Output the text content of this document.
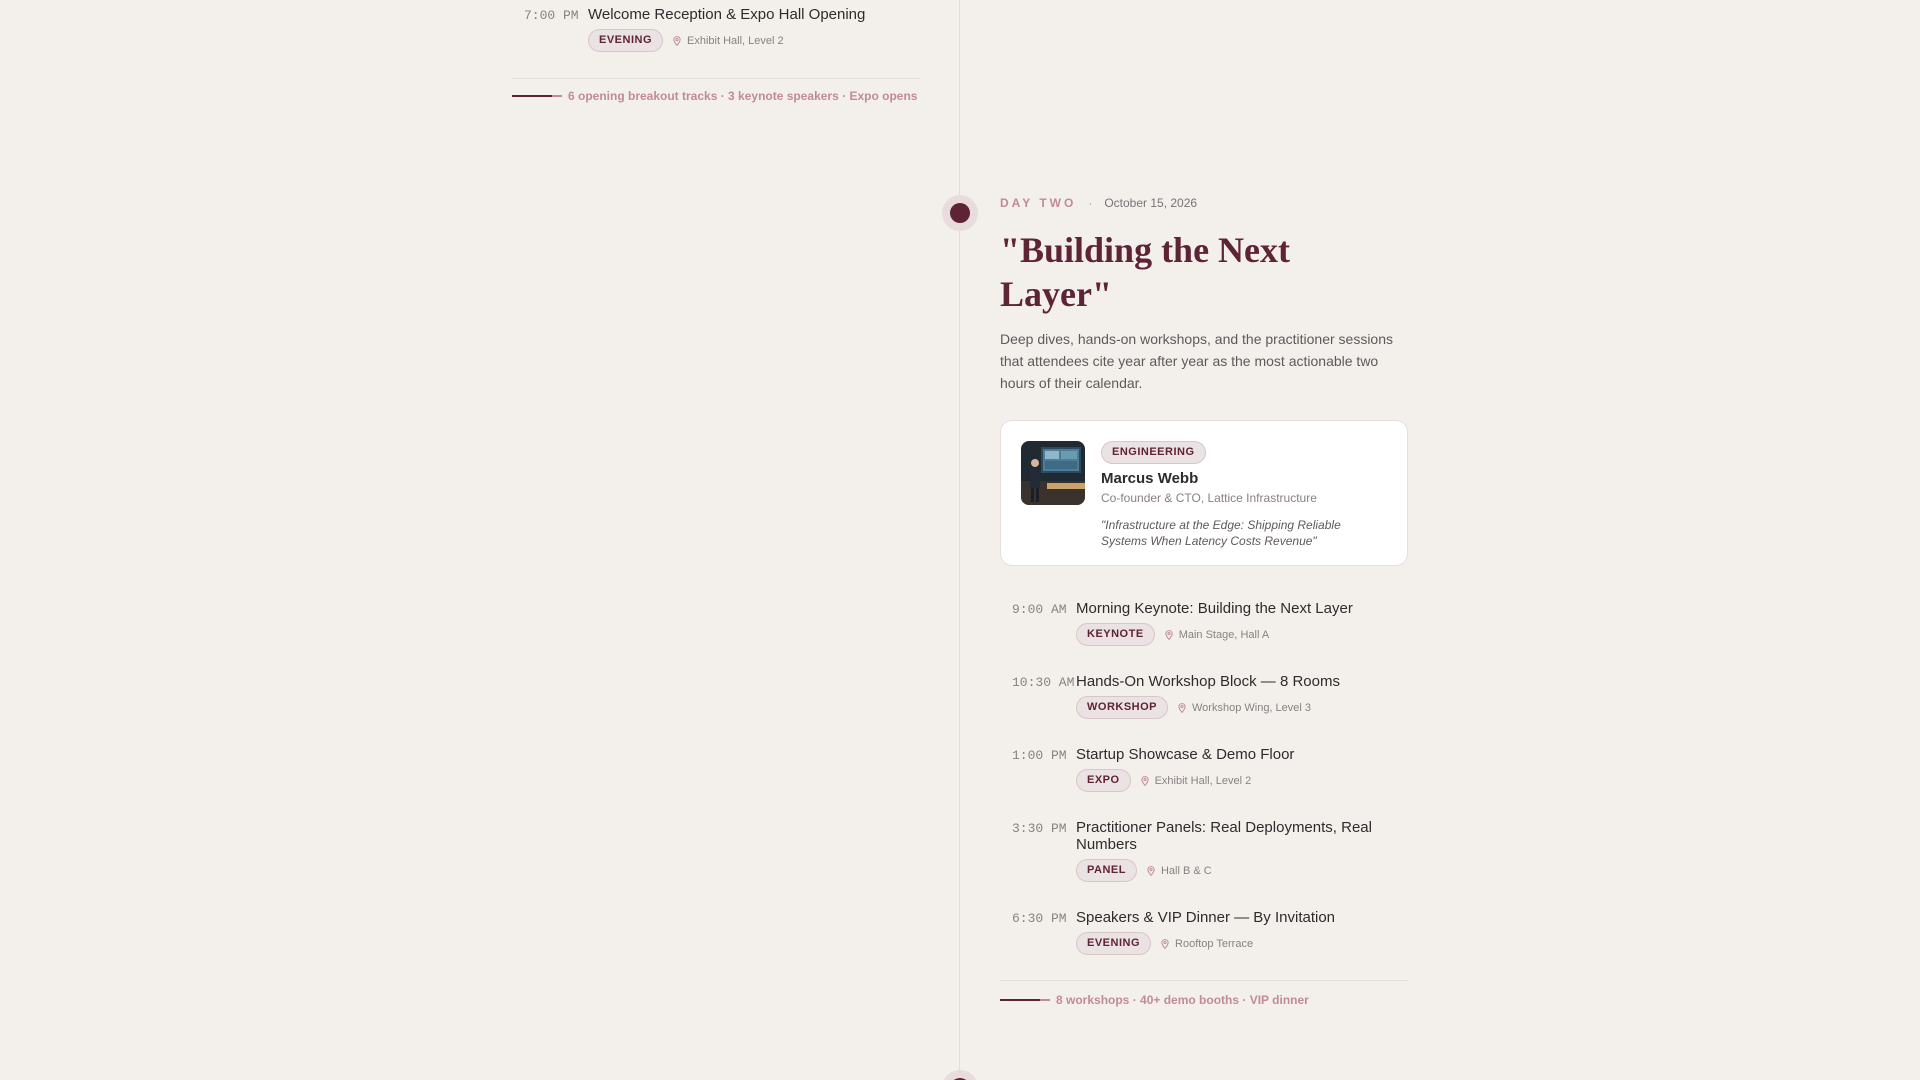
7:00 PM Welcome Reception & Expo Hall Opening
EVENING	Exhibit Hall, Level 2
6 opening breakout tracks · 3 keynote speakers · Expo opens
DAY TWO · October 15, 2026
"Building the Next Layer"
Deep dives, hands-on workshops, and the practitioner sessions that attendees cite year after year as the most actionable two hours of their calendar.
ENGINEERING
Marcus Webb
Co-founder & CTO, Lattice Infrastructure
"Infrastructure at the Edge: Shipping Reliable Systems When Latency Costs Revenue"
9:00 AM Morning Keynote: Building the Next Layer
KEYNOTE	Main Stage, Hall A
10:30 AM Hands-On Workshop Block — 8 Rooms
WORKSHOP	Workshop Wing, Level 3
1:00 PM Startup Showcase & Demo Floor
EXPO	Exhibit Hall, Level 2
3:30 PM Practitioner Panels: Real Deployments, Real Numbers
PANEL	Hall B & C
6:30 PM Speakers & VIP Dinner — By Invitation
EVENING	Rooftop Terrace
8 workshops · 40+ demo booths · VIP dinner
